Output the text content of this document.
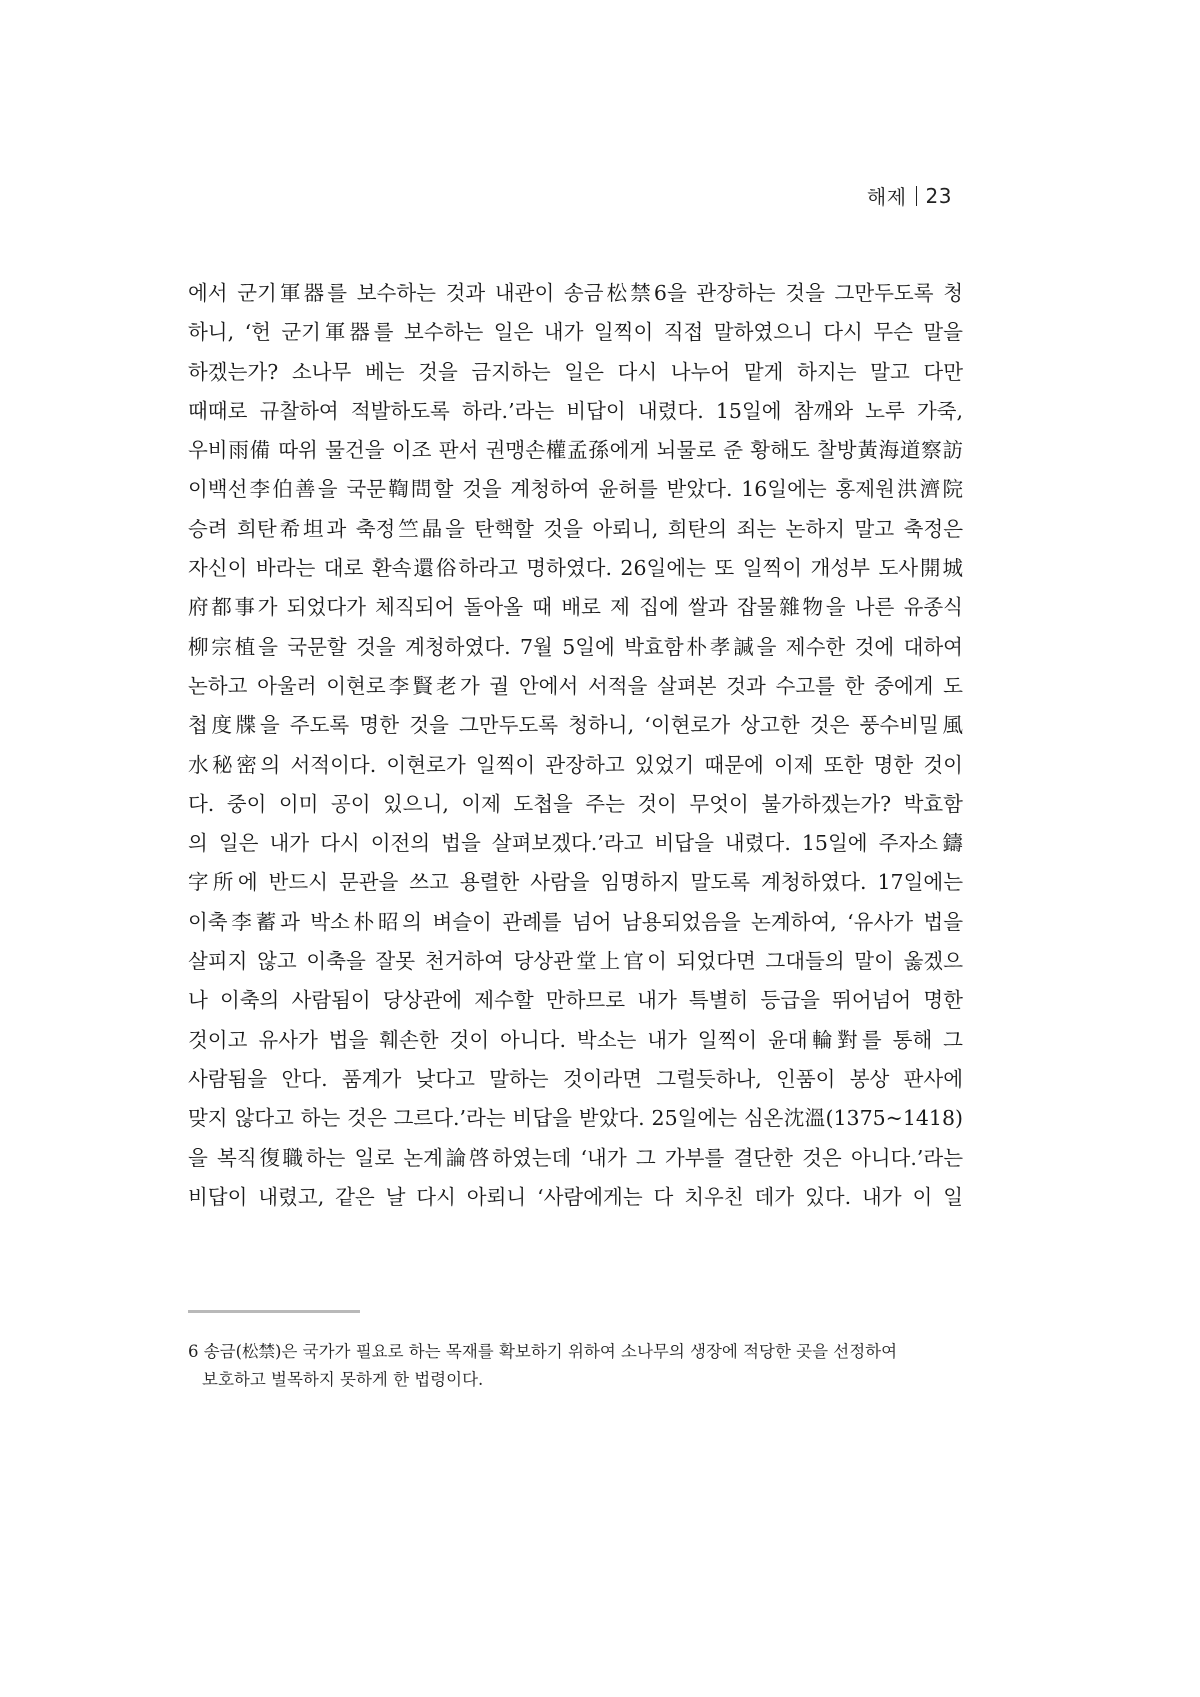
해제 23
에서 군기軍器를 보수하는 것과 내관이 송금松禁6을 관장하는 것을 그만두도록 청
하니, ‘헌 군기軍器를 보수하는 일은 내가 일찍이 직접 말하였으니 다시 무슨 말을
하겠는가? 소나무 베는 것을 금지하는 일은 다시 나누어 맡게 하지는 말고 다만
때때로 규찰하여 적발하도록 하라.’라는 비답이 내렸다. 15일에 참깨와 노루 가죽,
우비雨備 따위 물건을 이조 판서 권맹손權孟孫에게 뇌물로 준 황해도 찰방黃海道察訪
이백선李伯善을 국문鞫問할 것을 계청하여 윤허를 받았다. 16일에는 홍제원洪濟院
승려 희탄希坦과 축정竺晶을 탄핵할 것을 아뢰니, 희탄의 죄는 논하지 말고 축정은
자신이 바라는 대로 환속還俗하라고 명하였다. 26일에는 또 일찍이 개성부 도사開城
府都事가 되었다가 체직되어 돌아올 때 배로 제 집에 쌀과 잡물雜物을 나른 유종식
柳宗植을 국문할 것을 계청하였다. 7월 5일에 박효함朴孝諴을 제수한 것에 대하여
논하고 아울러 이현로李賢老가 궐 안에서 서적을 살펴본 것과 수고를 한 중에게 도
첩度牒을 주도록 명한 것을 그만두도록 청하니, ‘이현로가 상고한 것은 풍수비밀風
水秘密의 서적이다. 이현로가 일찍이 관장하고 있었기 때문에 이제 또한 명한 것이
다. 중이 이미 공이 있으니, 이제 도첩을 주는 것이 무엇이 불가하겠는가? 박효함
의 일은 내가 다시 이전의 법을 살펴보겠다.’라고 비답을 내렸다. 15일에 주자소鑄
字所에 반드시 문관을 쓰고 용렬한 사람을 임명하지 말도록 계청하였다. 17일에는
이축李蓄과 박소朴昭의 벼슬이 관례를 넘어 남용되었음을 논계하여, ‘유사가 법을
살피지 않고 이축을 잘못 천거하여 당상관堂上官이 되었다면 그대들의 말이 옳겠으
나 이축의 사람됨이 당상관에 제수할 만하므로 내가 특별히 등급을 뛰어넘어 명한
것이고 유사가 법을 훼손한 것이 아니다. 박소는 내가 일찍이 윤대輪對를 통해 그
사람됨을 안다. 품계가 낮다고 말하는 것이라면 그럴듯하나, 인품이 봉상 판사에
맞지 않다고 하는 것은 그르다.’라는 비답을 받았다. 25일에는 심온沈溫(1375~1418)
을 복직復職하는 일로 논계論啓하였는데 ‘내가 그 가부를 결단한 것은 아니다.’라는
비답이 내렸고, 같은 날 다시 아뢰니 ‘사람에게는 다 치우친 데가 있다. 내가 이 일
6 송금(松禁)은 국가가 필요로 하는 목재를 확보하기 위하여 소나무의 생장에 적당한 곳을 선정하여
보호하고 벌목하지 못하게 한 법령이다.
